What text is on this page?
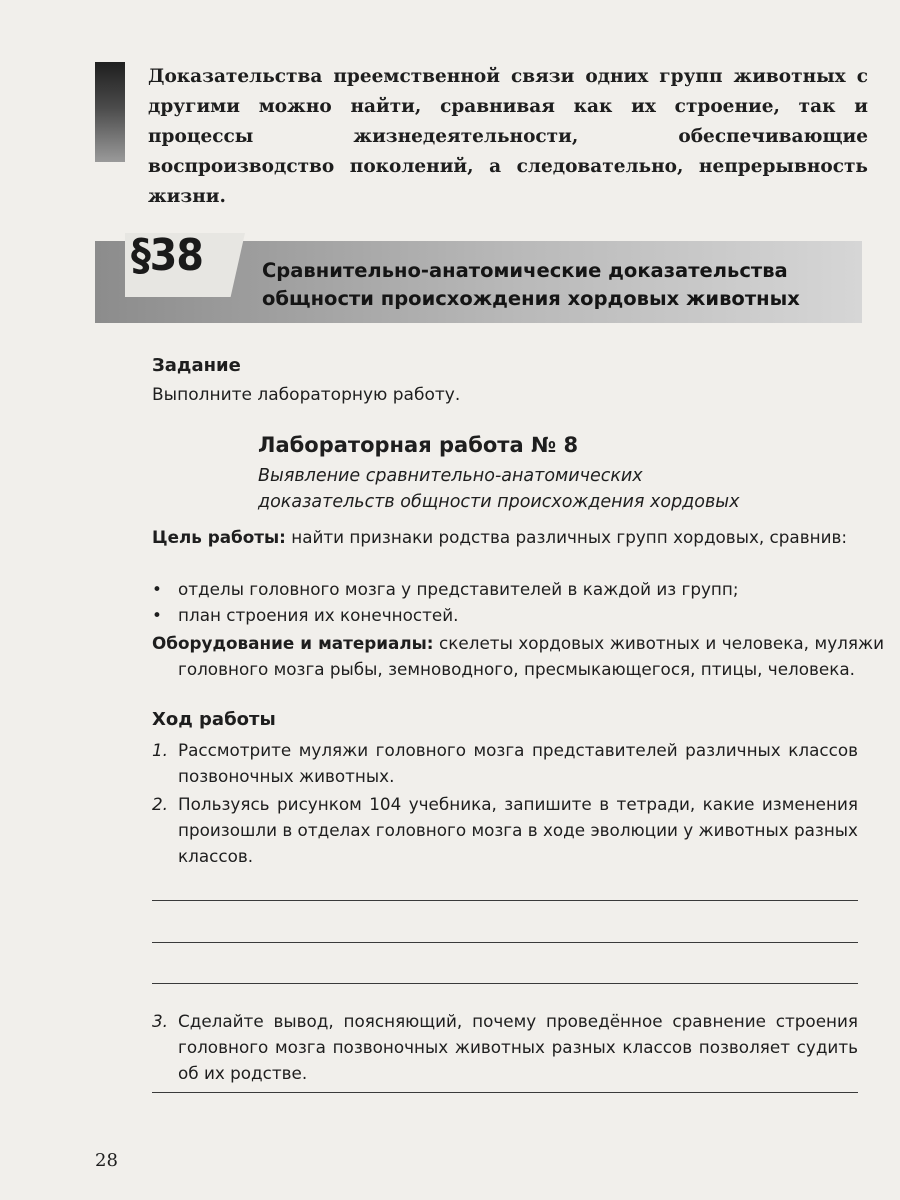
Доказательства преемственной связи одних групп животных с другими можно найти, сравнивая как их строение, так и процессы жизнедеятельности, обеспечивающие воспроизводство поколений, а следовательно, непрерывность жизни.
§38	Сравнительно-анатомические доказательства
общности происхождения хордовых животных
Задание
Выполните лабораторную работу.
Лабораторная работа № 8
Выявление сравнительно-анатомических
доказательств общности происхождения хордовых
Цель работы: найти признаки родства различных групп хордовых, сравнив:
• отделы головного мозга у представителей в каждой из групп;
• план строения их конечностей.
Оборудование и материалы: скелеты хордовых животных и человека, муляжи головного мозга рыбы, земноводного, пресмыкающегося, птицы, человека.
Ход работы
1. Рассмотрите муляжи головного мозга представителей различных классов позвоночных животных.
2. Пользуясь рисунком 104 учебника, запишите в тетради, какие изменения произошли в отделах головного мозга в ходе эволюции у животных разных классов.
3. Сделайте вывод, поясняющий, почему проведённое сравнение строения головного мозга позвоночных животных разных классов позволяет судить об их родстве.
28
